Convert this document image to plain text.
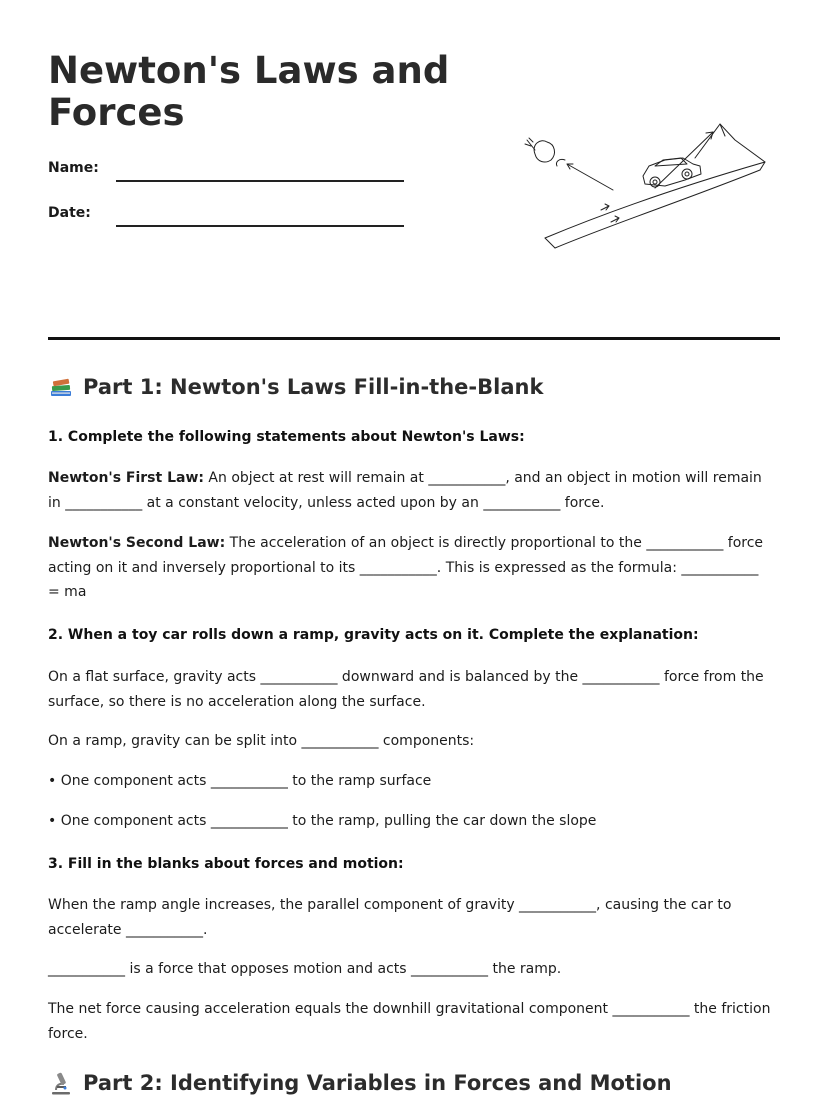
Newton's Laws and Forces
Name:
Date:
Part 1: Newton's Laws Fill-in-the-Blank

1. Complete the following statements about Newton's Laws:

Newton's First Law: An object at rest will remain at ___________, and an object in motion will remain in ___________ at a constant velocity, unless acted upon by an ___________ force.

Newton's Second Law: The acceleration of an object is directly proportional to the ___________ force acting on it and inversely proportional to its ___________. This is expressed as the formula: ___________ = ma

2. When a toy car rolls down a ramp, gravity acts on it. Complete the explanation:

On a flat surface, gravity acts ___________ downward and is balanced by the ___________ force from the surface, so there is no acceleration along the surface.

On a ramp, gravity can be split into ___________ components:

• One component acts ___________ to the ramp surface

• One component acts ___________ to the ramp, pulling the car down the slope

3. Fill in the blanks about forces and motion:

When the ramp angle increases, the parallel component of gravity ___________, causing the car to accelerate ___________.

___________ is a force that opposes motion and acts ___________ the ramp.

The net force causing acceleration equals the downhill gravitational component ___________ the friction force.

Part 2: Identifying Variables in Forces and Motion
